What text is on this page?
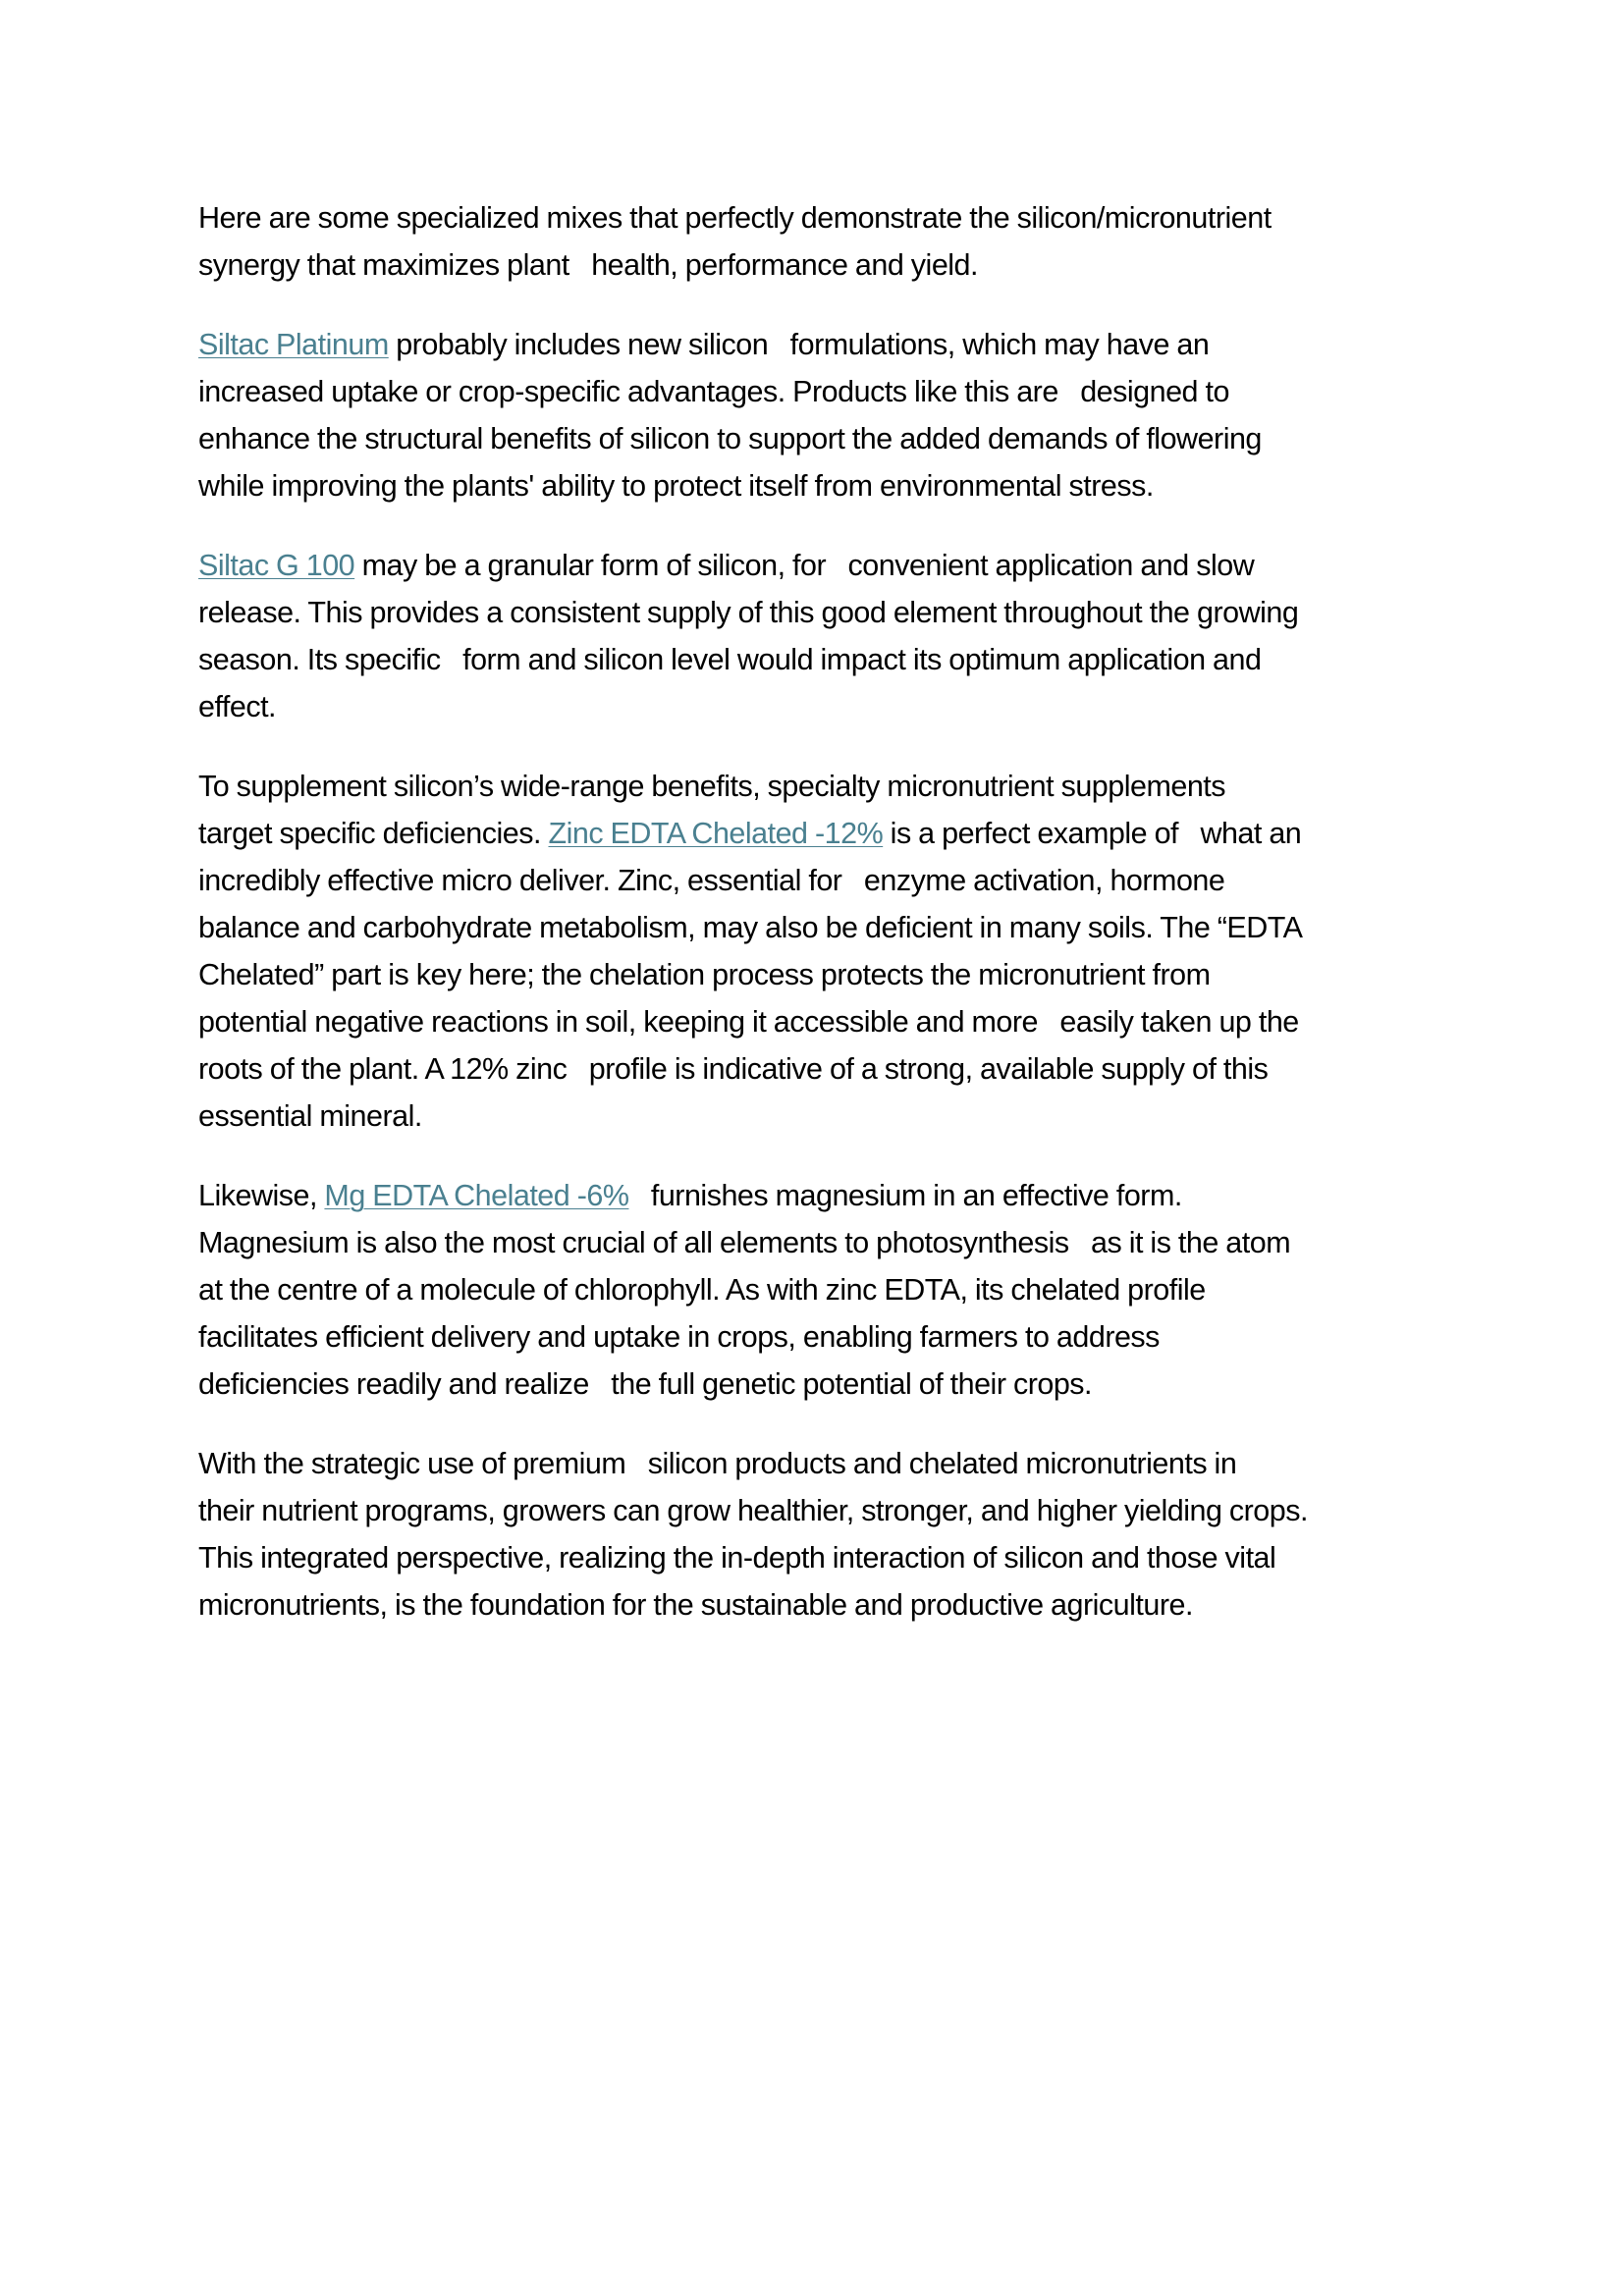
Here are some specialized mixes that perfectly demonstrate the silicon/micronutrient
synergy that maximizes plant   health, performance and yield.

Siltac Platinum probably includes new silicon   formulations, which may have an
increased uptake or crop-specific advantages. Products like this are   designed to
enhance the structural benefits of silicon to support the added demands of flowering
while improving the plants' ability to protect itself from environmental stress.

Siltac G 100 may be a granular form of silicon, for   convenient application and slow
release. This provides a consistent supply of this good element throughout the growing
season. Its specific   form and silicon level would impact its optimum application and
effect.

To supplement silicon’s wide-range benefits, specialty micronutrient supplements
target specific deficiencies. Zinc EDTA Chelated -12% is a perfect example of   what an
incredibly effective micro deliver. Zinc, essential for   enzyme activation, hormone
balance and carbohydrate metabolism, may also be deficient in many soils. The “EDTA
Chelated” part is key here; the chelation process protects the micronutrient from
potential negative reactions in soil, keeping it accessible and more   easily taken up the
roots of the plant. A 12% zinc   profile is indicative of a strong, available supply of this
essential mineral.

Likewise, Mg EDTA Chelated -6%   furnishes magnesium in an effective form.
Magnesium is also the most crucial of all elements to photosynthesis   as it is the atom
at the centre of a molecule of chlorophyll. As with zinc EDTA, its chelated profile
facilitates efficient delivery and uptake in crops, enabling farmers to address
deficiencies readily and realize   the full genetic potential of their crops.

With the strategic use of premium   silicon products and chelated micronutrients in
their nutrient programs, growers can grow healthier, stronger, and higher yielding crops.
This integrated perspective, realizing the in-depth interaction of silicon and those vital
micronutrients, is the foundation for the sustainable and productive agriculture.
